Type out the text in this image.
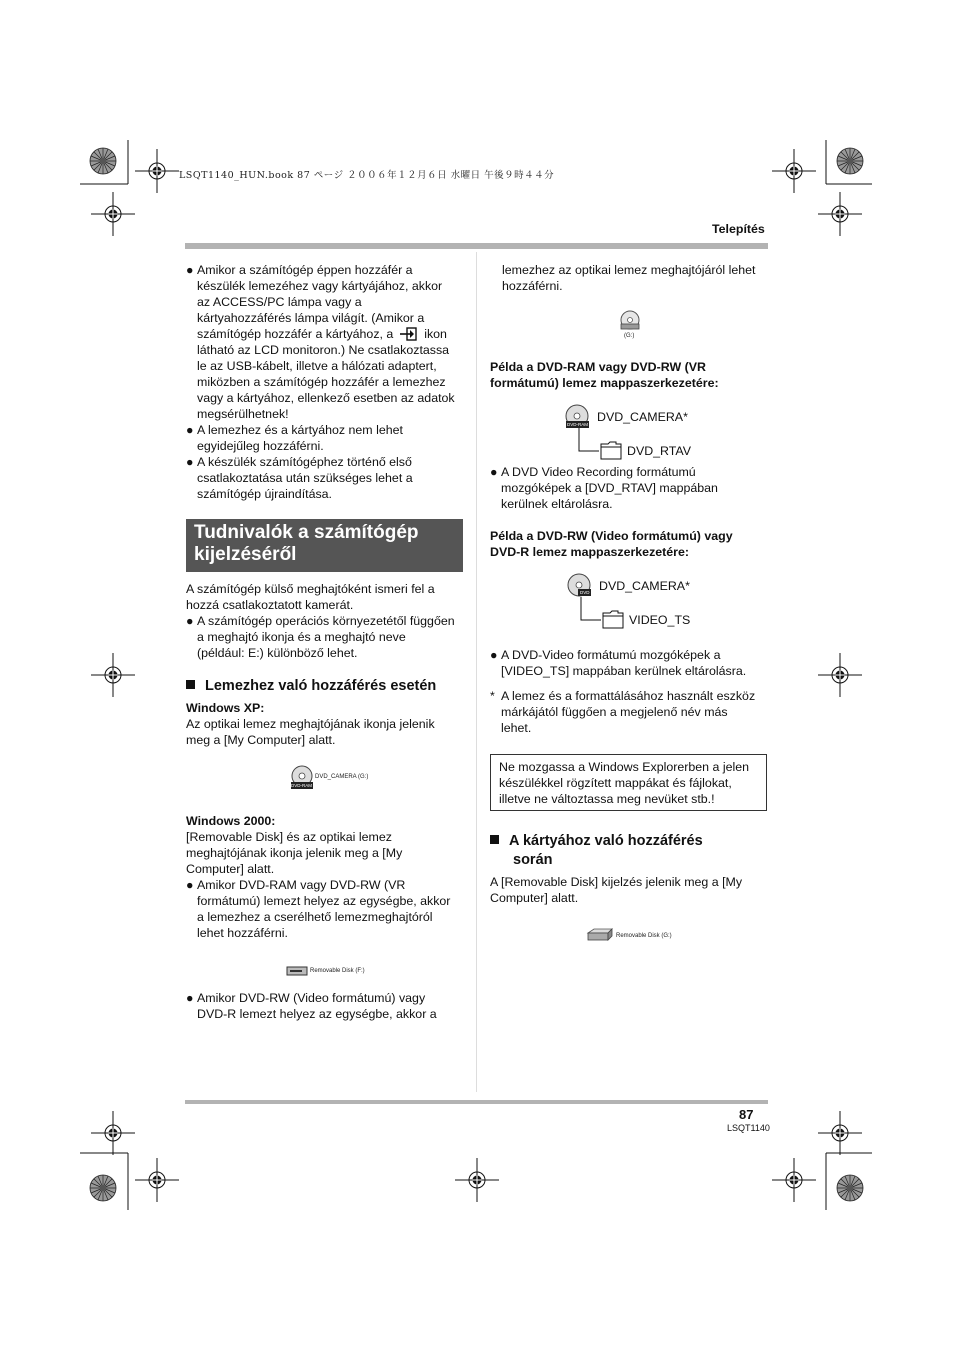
LSQT1140_HUN.book 87 ページ ２００６年１２月６日 水曜日 午後９時４４分
Telepítés
● Amikor a számítógép éppen hozzáfér a
készülék lemezéhez vagy kártyájához, akkor
az ACCESS/PC lámpa vagy a
kártyahozzáférés lámpa világít. (Amikor a
számítógép hozzáfér a kártyához, a ikon
látható az LCD monitoron.) Ne csatlakoztassa
le az USB-kábelt, illetve a hálózati adaptert,
miközben a számítógép hozzáfér a lemezhez
vagy a kártyához, ellenkező esetben az adatok
megsérülhetnek!
● A lemezhez és a kártyához nem lehet
egyidejűleg hozzáférni.
● A készülék számítógéphez történő első
csatlakoztatása után szükséges lehet a
számítógép újraindítása.
Tudnivalók a számítógép
kijelzéséről
A számítógép külső meghajtóként ismeri fel a
hozzá csatlakoztatott kamerát.
● A számítógép operációs környezetétől függően
a meghajtó ikonja és a meghajtó neve
(például: E:) különböző lehet.
Lemezhez való hozzáférés esetén
Windows XP:
Az optikai lemez meghajtójának ikonja jelenik
meg a [My Computer] alatt.
DVD-RAM
DVD_CAMERA (G:)
Windows 2000:
[Removable Disk] és az optikai lemez
meghajtójának ikonja jelenik meg a [My
Computer] alatt.
● Amikor DVD-RAM vagy DVD-RW (VR
formátumú) lemezt helyez az egységbe, akkor
a lemezhez a cserélhető lemezmeghajtóról
lehet hozzáférni.
Removable Disk (F:)
● Amikor DVD-RW (Video formátumú) vagy
DVD-R lemezt helyez az egységbe, akkor a
lemezhez az optikai lemez meghajtójáról lehet
hozzáférni.
(G:)
Példa a DVD-RAM vagy DVD-RW (VR
formátumú) lemez mappaszerkezetére:
DVD-RAM
DVD_CAMERA*
DVD_RTAV
● A DVD Video Recording formátumú
mozgóképek a [DVD_RTAV] mappában
kerülnek eltárolásra.
Példa a DVD-RW (Video formátumú) vagy
DVD-R lemez mappaszerkezetére:
DVD DVD_CAMERA*
VIDEO_TS
● A DVD-Video formátumú mozgóképek a
[VIDEO_TS] mappában kerülnek eltárolásra.
* A lemez és a formattálásához használt eszköz
márkájától függően a megjelenő név más
lehet.
Ne mozgassa a Windows Explorerben a jelen
készülékkel rögzített mappákat és fájlokat,
illetve ne változtassa meg nevüket stb.!
A kártyához való hozzáférés
során
A [Removable Disk] kijelzés jelenik meg a [My
Computer] alatt.
Removable Disk (G:)
87
LSQT1140
